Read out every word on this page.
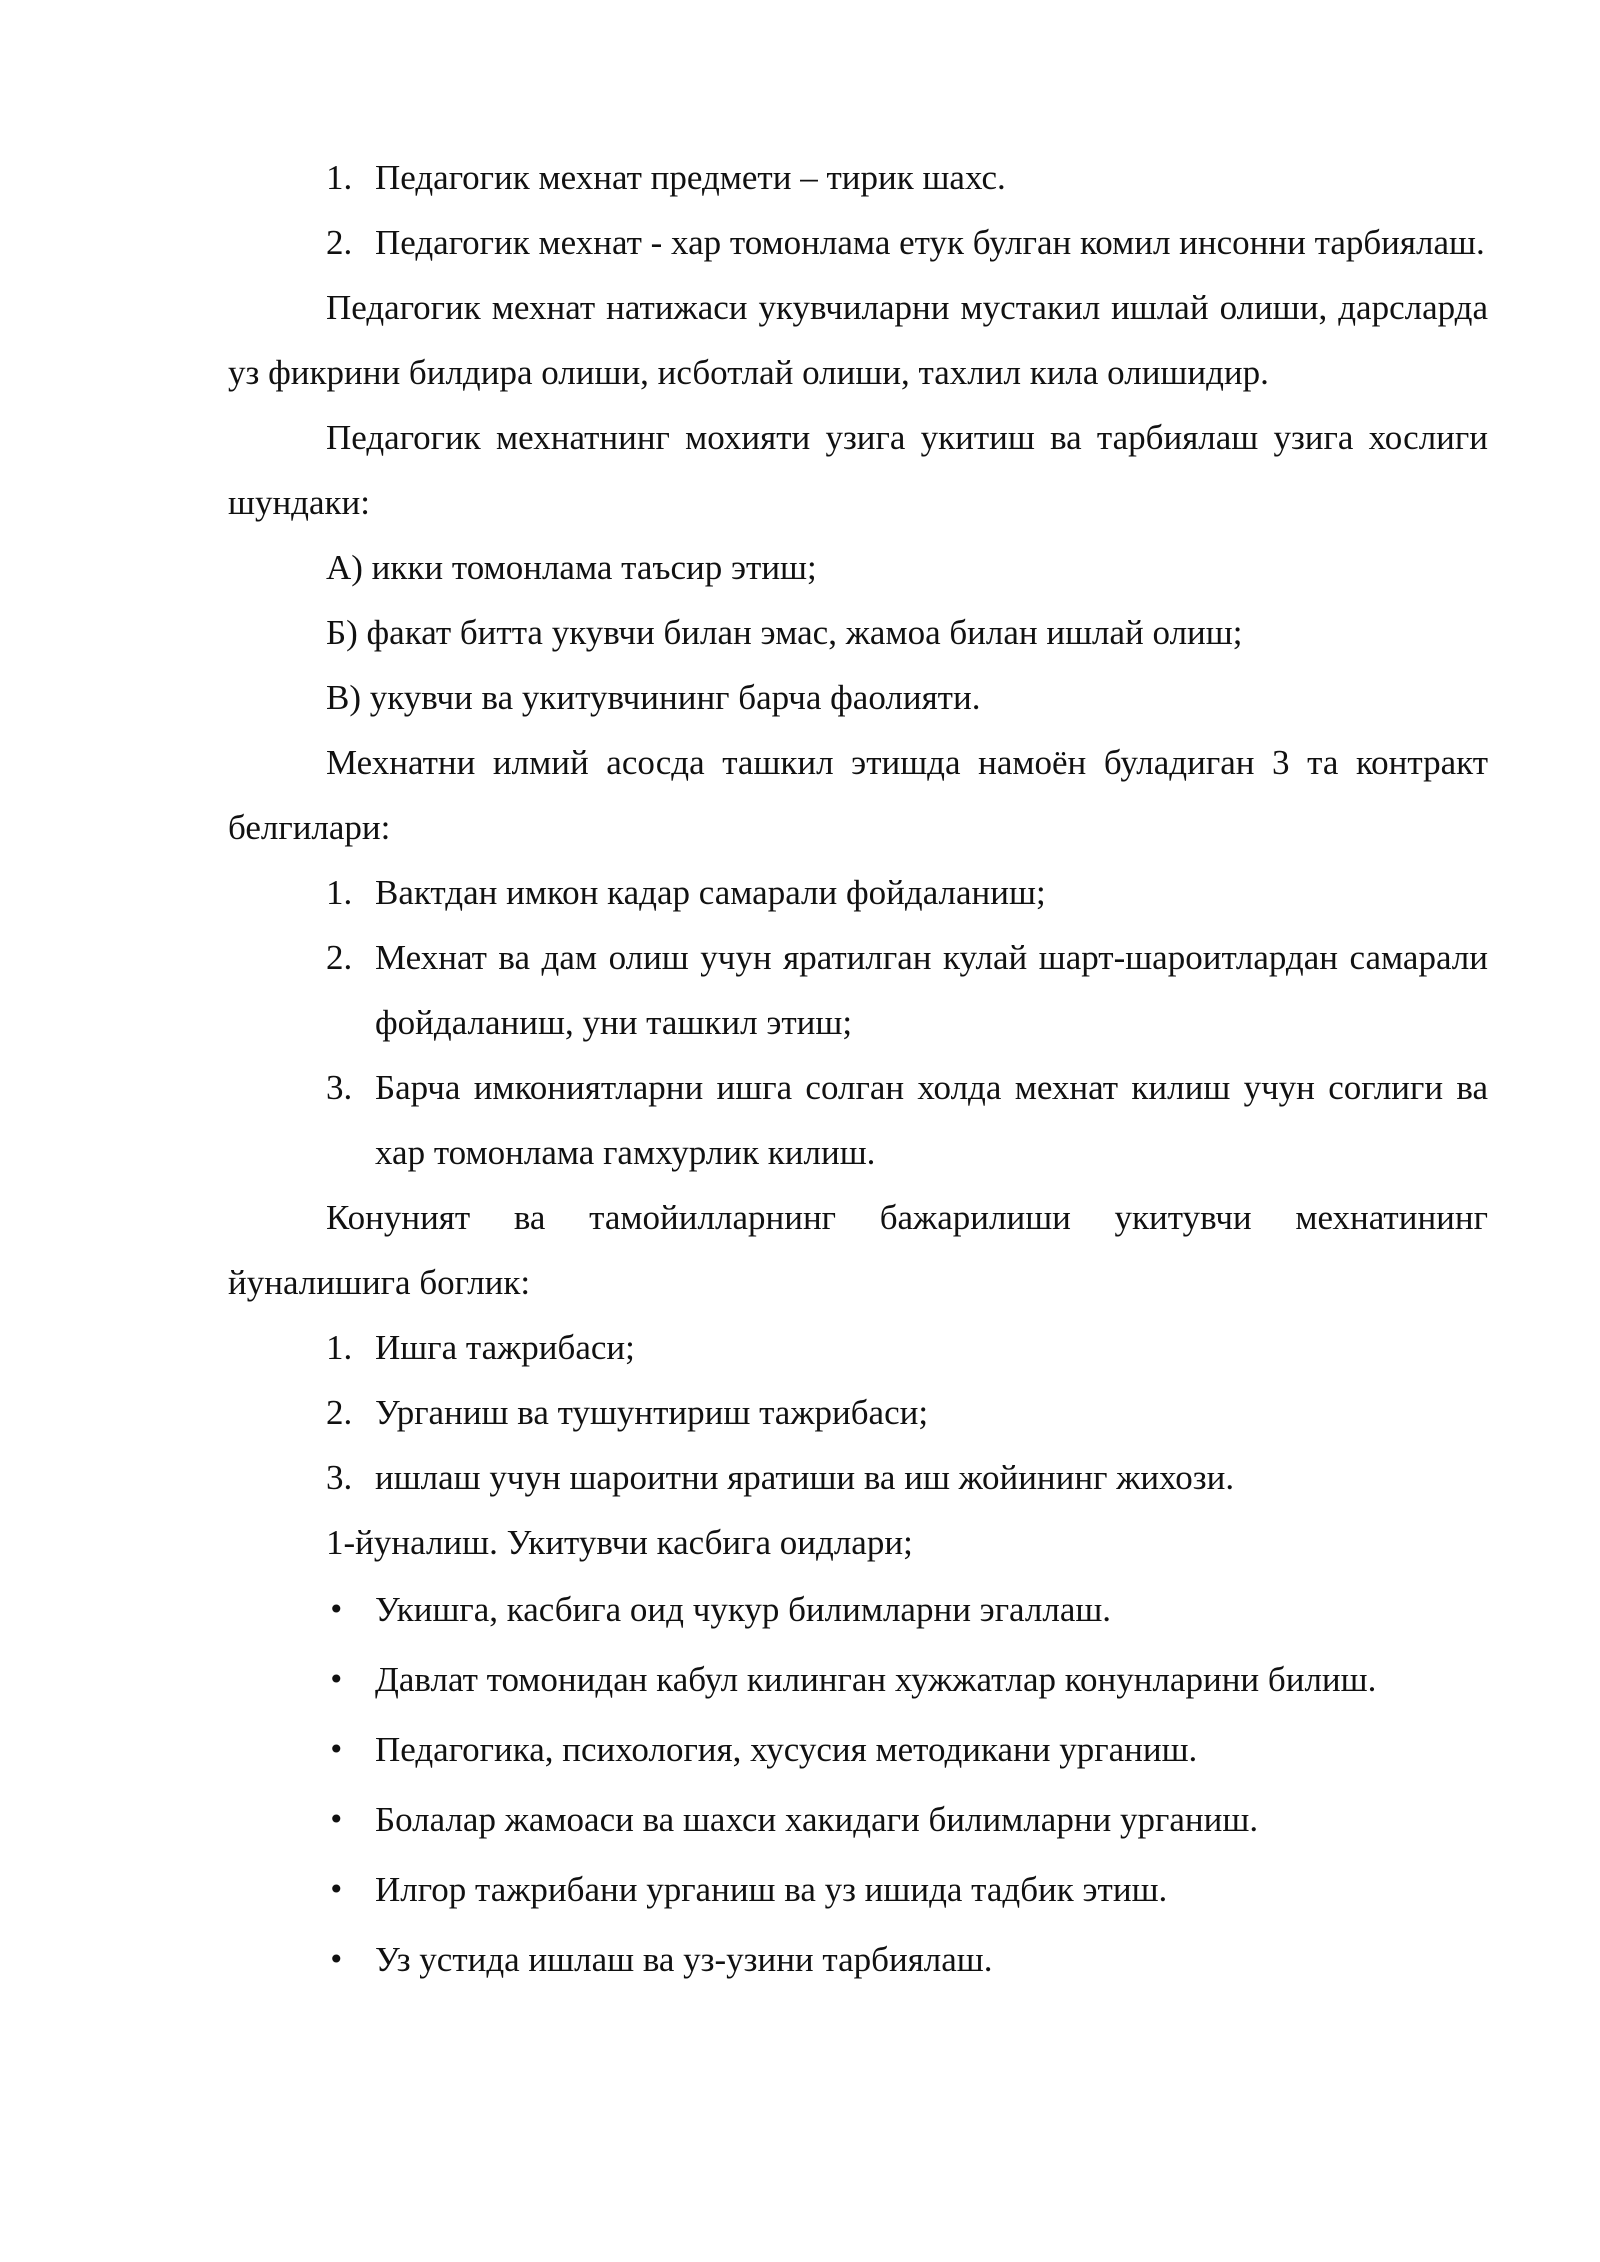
1. Педагогик мехнат предмети – тирик шахс.
2. Педагогик мехнат - хар томонлама етук булган комил инсонни тарбиялаш.

Педагогик мехнат натижаси укувчиларни мустакил ишлай олиши, дарсларда уз фикрини билдира олиши, исботлай олиши, тахлил кила олишидир.

Педагогик мехнатнинг мохияти узига укитиш ва тарбиялаш узига хослиги шундаки:

А) икки томонлама таъсир этиш;

Б) факат битта укувчи билан эмас, жамоа билан ишлай олиш;

В) укувчи ва укитувчининг барча фаолияти.

Мехнатни илмий асосда ташкил этишда намоён буладиган 3 та контракт белгилари:

1. Вактдан имкон кадар самарали фойдаланиш;
2. Мехнат ва дам олиш учун яратилган кулай шарт-шароитлардан самарали фойдаланиш, уни ташкил этиш;
3. Барча имкониятларни ишга солган холда мехнат килиш учун соглиги ва хар томонлама гамхурлик килиш.

Конуният ва тамойилларнинг бажарилиши укитувчи мехнатининг йуналишига боглик:

1. Ишга тажрибаси;
2. Урганиш ва тушунтириш тажрибаси;
3. ишлаш учун шароитни яратиши ва иш жойининг жихози.

1-йуналиш. Укитувчи касбига оидлари;

• Укишга, касбига оид чукур билимларни эгаллаш.
• Давлат томонидан кабул килинган хужжатлар конунларини билиш.
• Педагогика, психология, хусусия методикани урганиш.
• Болалар жамоаси ва шахси хакидаги билимларни урганиш.
• Илгор тажрибани урганиш ва уз ишида тадбик этиш.
• Уз устида ишлаш ва уз-узини тарбиялаш.
